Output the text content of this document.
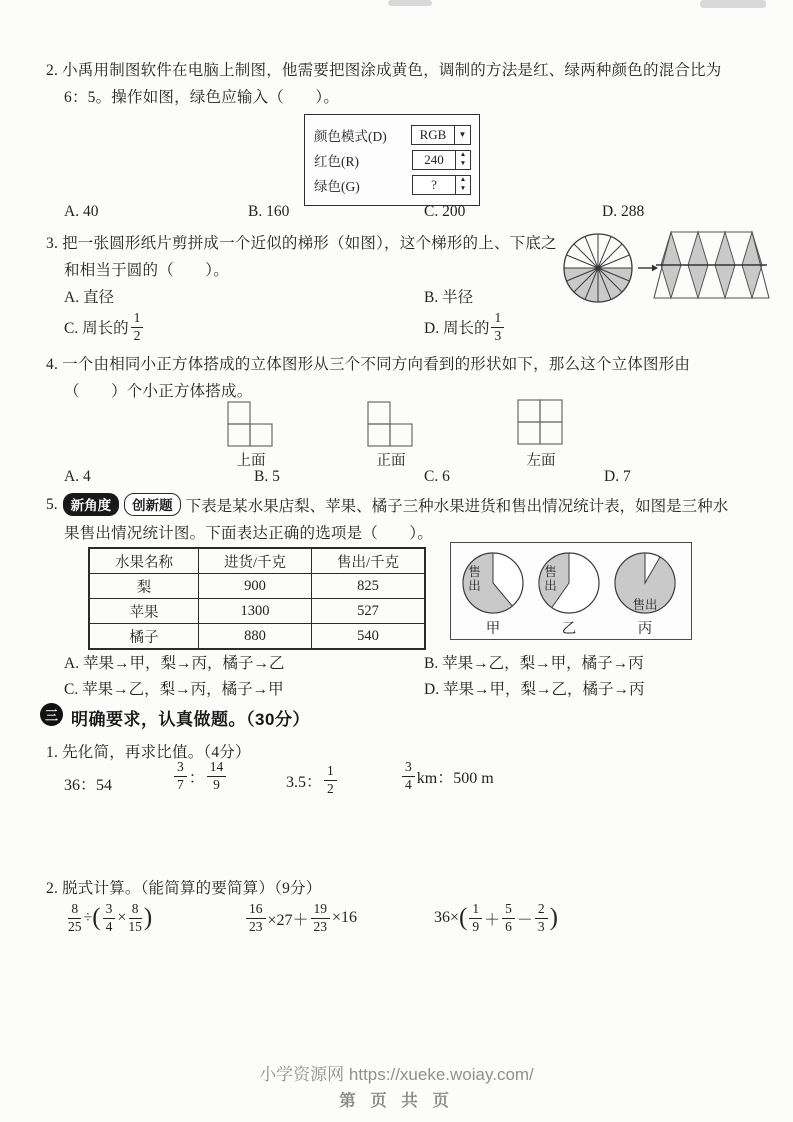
2. 小禹用制图软件在电脑上制图，他需要把图涂成黄色，调制的方法是红、绿两种颜色的混合比为
6：5。操作如图，绿色应输入（　　）。
颜色模式(D)	RGB	▼
红色(R)	240	▲
▼
绿色(G)	?	▲
▼
A. 40	B. 160	C. 200	D. 288
3. 把一张圆形纸片剪拼成一个近似的梯形（如图），这个梯形的上、下底之
和相当于圆的（　　）。
A. 直径	B. 半径
C. 周长的 $\frac{1}{2}$	D. 周长的 $\frac{1}{3}$
4. 一个由相同小正方体搭成的立体图形从三个不同方向看到的形状如下，那么这个立体图形由
（　　）个小正方体搭成。
上面	正面	左面
A. 4	B. 5	C. 6	D. 7
5. 新角度	创新题 下表是某水果店梨、苹果、橘子三种水果进货和售出情况统计表，如图是三种水
果售出情况统计图。下面表达正确的选项是（　　）。
水果名称	进货/千克	售出/千克
梨	900	825
苹果	1300	527
橘子	880	540
售出
售出
售出
甲	乙	丙
A. 苹果→甲，梨→丙，橘子→乙	B. 苹果→乙，梨→甲，橘子→丙
C. 苹果→乙，梨→丙，橘子→甲	D. 苹果→甲，梨→乙，橘子→丙
三 明确要求，认真做题。（30分）
1. 先化简，再求比值。（4分）
36：54	$\frac{3}{7}$ ： $\frac{14}{9}$	3.5： $\frac{1}{2}$	$\frac{3}{4}$ km：500 m
2. 脱式计算。（能简算的要简算）（9分）
$\frac{8}{25}$ ÷ ( $\frac{3}{4} \times \frac{8}{15}$ )	$\frac{16}{23} \times 27+ \frac{19}{23} \times 16$	36× ( $\frac{1}{9} + \frac{5}{6} - \frac{2}{3}$ )
小学资源网 https://xueke.woiay.com/
第 页 共 页
